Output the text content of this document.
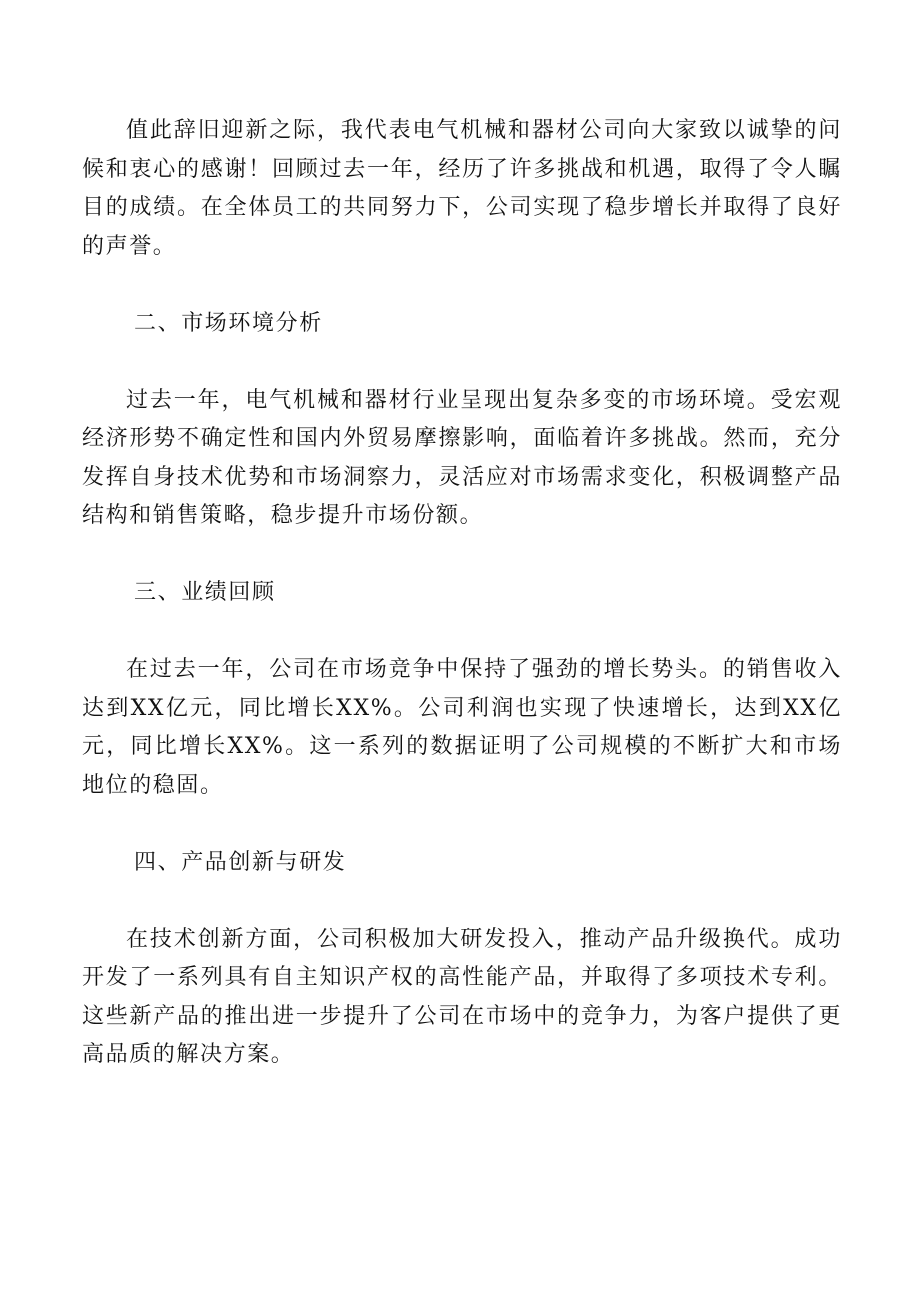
值此辞旧迎新之际，我代表电气机械和器材公司向大家致以诚挚的问候和衷心的感谢！回顾过去一年，经历了许多挑战和机遇，取得了令人瞩目的成绩。在全体员工的共同努力下，公司实现了稳步增长并取得了良好的声誉。

二、市场环境分析

过去一年，电气机械和器材行业呈现出复杂多变的市场环境。受宏观经济形势不确定性和国内外贸易摩擦影响，面临着许多挑战。然而，充分发挥自身技术优势和市场洞察力，灵活应对市场需求变化，积极调整产品结构和销售策略，稳步提升市场份额。

三、业绩回顾

在过去一年，公司在市场竞争中保持了强劲的增长势头。的销售收入达到XX亿元，同比增长XX%。公司利润也实现了快速增长，达到XX亿元，同比增长XX%。这一系列的数据证明了公司规模的不断扩大和市场地位的稳固。

四、产品创新与研发

在技术创新方面，公司积极加大研发投入，推动产品升级换代。成功开发了一系列具有自主知识产权的高性能产品，并取得了多项技术专利。这些新产品的推出进一步提升了公司在市场中的竞争力，为客户提供了更高品质的解决方案。
